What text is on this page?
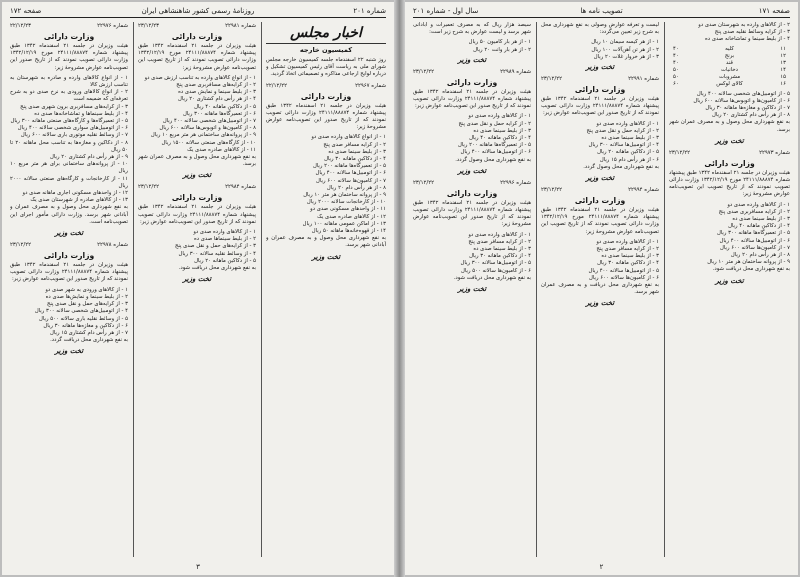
شماره ۲۰۱
روزنامهٔ رسمی کشور شاهنشاهی ایران
صفحه ۱۷۲
شماره ۲۲۹۷۶
۲۲/۱۲/۲۳
وزارت دارائی
هیئت وزیران در جلسه ۲۱ اسفندماه ۱۳۴۲ طبق پیشنهاد شماره ۲۴۱۱۱/۸۸۸۷۴ مورخ ۱۳۴۲/۱۲/۱۹ وزارت دارائی تصویب نمودند که از تاریخ صدور این تصویب‌نامه عوارض مشروحهٔ زیر:
۱ - از انواع کالاهای وارده و صادره به شهرستان به تناسب ارزش کالا
۲ - از انواع کالاهای ورودی به نرخ صدی دو به شرح تعرفه‌ای که ضمیمه است
۳ - از کرایه‌های مسافربری برون شهری صدی پنج
۴ - از بلیط سینماها و تماشاخانه‌ها صدی ده
۵ - از تعمیرگاه‌ها و کارگاه‌های صنعتی ماهانه ۳۰۰ ریال
۶ - از اتومبیل‌های سواری شخصی سالانه ۴۰۰ ریال
۷ - از وسائط نقلیه موتوری باری سالانه ۶۰۰ ریال
۸ - از دکاکین و مغازه‌ها به تناسب محل ماهانه ۲۰ تا ۵۰ ریال
۹ - از هر رأس دام کشتاری ۲۰ ریال
۱۰ - از پروانه‌های ساختمانی برای هر متر مربع ۱۰ ریال
۱۱ - از کارخانجات و کارگاه‌های صنعتی سالانه ۲۰۰۰ ریال
۱۲ - از واحدهای مسکونی اجاری ماهانه صدی دو
۱۳ - از کالاهای صادره از شهرستان صدی یک
به نفع شهرداری محل وصول و به مصرف عمران و آبادانی شهر برسد. وزارت دارائی مأمور اجرای این تصویب‌نامه است.
تخت وزیر
شماره ۲۲۹۷۸
۲۳/۱۲/۲۲
وزارت دارائی
هیئت وزیران در جلسه ۲۱ اسفندماه ۱۳۴۲ طبق پیشنهاد شماره ۲۴۱۱۱/۸۸۸۷۴ وزارت دارائی تصویب نمودند که از تاریخ صدور این تصویب‌نامه عوارض زیر:
۱ - از کالاهای ورودی به شهر صدی دو
۲ - از بلیط سینما و نمایش‌ها صدی ده
۳ - از کرایه‌های حمل و نقل صدی پنج
۴ - از اتومبیل‌های شخصی سالانه ۳۰۰ ریال
۵ - از وسائط نقلیه باری سالانه ۵۰۰ ریال
۶ - از دکاکین و مغازه‌ها ماهانه ۳۰ ریال
۷ - از هر رأس دام کشتاری ۱۵ ریال
به نفع شهرداری محل دریافت گردد.
تخت وزیر
شماره ۲۲۹۸۱
۲۳/۱۲/۲۳
وزارت دارائی
هیئت وزیران در جلسه ۲۱ اسفندماه ۱۳۴۲ طبق پیشنهاد شماره ۲۴۱۱۱/۸۸۸۷۴ مورخ ۱۳۴۲/۱۲/۱۹ وزارت دارائی تصویب نمودند که از تاریخ تصویب این تصویب‌نامه عوارض مشروحهٔ زیر:
۱ - از انواع کالاهای وارده به تناسب ارزش صدی دو
۲ - از کرایه‌های مسافربری صدی پنج
۳ - از بلیط سینما و نمایش صدی ده
۴ - از هر رأس دام کشتاری ۲۰ ریال
۵ - از دکاکین ماهانه ۴۰ ریال
۶ - از تعمیرگاه‌ها ماهانه ۳۰۰ ریال
۷ - از اتومبیل‌های شخصی سالانه ۴۰۰ ریال
۸ - از کامیون‌ها و اتوبوس‌ها سالانه ۶۰۰ ریال
۹ - از پروانه‌های ساختمانی هر متر مربع ۱۰ ریال
۱۰ - از کارگاه‌های صنعتی سالانه ۱۵۰۰ ریال
۱۱ - از کالاهای صادره صدی یک
به نفع شهرداری محل وصول و به مصرف عمران شهر برسد.
تخت وزیر
شماره ۲۲۹۸۴
۲۳/۱۲/۲۲
وزارت دارائی
هیئت وزیران در جلسه ۲۱ اسفندماه ۱۳۴۲ طبق پیشنهاد شماره ۲۴۱۱۱/۸۸۸۷۴ وزارت دارائی تصویب نمودند که از تاریخ صدور این تصویب‌نامه عوارض زیر:
۱ - از کالاهای وارده صدی دو
۲ - از بلیط سینماها صدی ده
۳ - از کرایه‌های حمل و نقل صدی پنج
۴ - از وسائط نقلیه سالانه ۳۰۰ ریال
۵ - از دکاکین ماهانه ۲۰ ریال
به نفع شهرداری محل دریافت شود.
تخت وزیر
اخبار مجلس
کمیسیون خارجه
روز شنبه ۲۲ اسفندماه جلسه کمیسیون خارجه مجلس شورای ملی به ریاست آقای رئیس کمیسیون تشکیل و درباره لوایح ارجاعی مذاکره و تصمیماتی اتخاذ گردید.
شماره ۲۲۹۶۷
۲۲/۱۲/۲۲
وزارت دارائی
هیئت وزیران در جلسه ۲۱ اسفندماه ۱۳۴۲ طبق پیشنهاد شماره ۲۴۱۱۱/۸۸۸۷۴ وزارت دارائی تصویب نمودند که از تاریخ صدور این تصویب‌نامه عوارض مشروحهٔ زیر:
۱ - از انواع کالاهای وارده صدی دو
۲ - از کرایه مسافر صدی پنج
۳ - از بلیط سینما صدی ده
۴ - از دکاکین ماهانه ۳۰ ریال
۵ - از تعمیرگاه‌ها ماهانه ۲۰۰ ریال
۶ - از اتومبیل‌ها سالانه ۴۰۰ ریال
۷ - از کامیون‌ها سالانه ۶۰۰ ریال
۸ - از هر رأس دام ۲۰ ریال
۹ - از پروانه ساختمان هر متر ۱۰ ریال
۱۰ - از کارخانجات سالانه ۲۰۰۰ ریال
۱۱ - از واحدهای مسکونی صدی دو
۱۲ - از کالاهای صادره صدی یک
۱۳ - از اماکن عمومی ماهانه ۱۰۰ ریال
۱۴ - از قهوه‌خانه‌ها ماهانه ۵۰ ریال
به نفع شهرداری محل وصول و به مصرف عمران و آبادانی شهر برسد.
تخت وزیر
۳
صفحه ۱۷۱
تصویب نامه ها
سال اول - شماره ۲۰۱
سیصد هزار ریال که به مصرف تعمیرات و آبادانی شهر برسد و لیست عوارض به شرح زیر است:
۱ - از هر بار کامیون ۵۰ ریال
۲ - از هر بار وانت ۲۰ ریال
تخت وزیر
شماره ۲۲۹۸۹
۲۳/۱۲/۲۲
وزارت دارائی
هیئت وزیران در جلسه ۲۱ اسفندماه ۱۳۴۲ طبق پیشنهاد شماره ۲۴۱۱۱/۸۸۸۷۴ وزارت دارائی تصویب نمودند که از تاریخ صدور این تصویب‌نامه عوارض زیر:
۱ - از کالاهای وارده صدی دو
۲ - از کرایه حمل و نقل صدی پنج
۳ - از بلیط سینما صدی ده
۴ - از دکاکین ماهانه ۴۰ ریال
۵ - از تعمیرگاه‌ها ماهانه ۲۰۰ ریال
۶ - از اتومبیل‌ها سالانه ۴۰۰ ریال
به نفع شهرداری محل وصول گردد.
تخت وزیر
شماره ۲۲۹۹۶
۲۳/۱۲/۲۲
وزارت دارائی
هیئت وزیران در جلسه ۲۱ اسفندماه ۱۳۴۲ طبق پیشنهاد شماره ۲۴۱۱۱/۸۸۸۷۴ وزارت دارائی تصویب نمودند که از تاریخ صدور این تصویب‌نامه عوارض مشروحهٔ زیر:
۱ - از کالاهای وارده صدی دو
۲ - از کرایه مسافر صدی پنج
۳ - از بلیط سینما صدی ده
۴ - از دکاکین ماهانه ۳۰ ریال
۵ - از اتومبیل‌ها سالانه ۳۰۰ ریال
۶ - از کامیون‌ها سالانه ۵۰۰ ریال
به نفع شهرداری محل دریافت شود.
تخت وزیر
لیست و تعرفه عوارض وصولی به نفع شهرداری محل به شرح زیر تعیین می‌گردد:
۱ - از هر کیسه سیمان ۱۰ ریال
۲ - از هر تن آهن‌آلات ۱۰۰ ریال
۳ - از هر خروار غلات ۲۰ ریال
تخت وزیر
شماره ۲۲۹۹۱
۲۳/۱۲/۲۲
وزارت دارائی
هیئت وزیران در جلسه ۲۱ اسفندماه ۱۳۴۲ طبق پیشنهاد شماره ۲۴۱۱۱/۸۸۸۷۴ وزارت دارائی تصویب نمودند که از تاریخ صدور این تصویب‌نامه عوارض زیر:
۱ - از کالاهای وارده صدی دو
۲ - از کرایه حمل و نقل صدی پنج
۳ - از بلیط سینما صدی ده
۴ - از اتومبیل‌ها سالانه ۳۰۰ ریال
۵ - از دکاکین ماهانه ۲۰ ریال
۶ - از هر رأس دام ۱۵ ریال
به نفع شهرداری محل وصول گردد.
تخت وزیر
شماره ۲۲۹۹۴
۲۳/۱۲/۲۲
وزارت دارائی
هیئت وزیران در جلسه ۲۱ اسفندماه ۱۳۴۲ طبق پیشنهاد شماره ۲۴۱۱۱/۸۸۸۷۴ مورخ ۱۳۴۲/۱۲/۱۹ وزارت دارائی تصویب نمودند که از تاریخ تصویب این تصویب‌نامه عوارض مشروحهٔ زیر:
۱ - از کالاهای وارده صدی دو
۲ - از کرایه مسافر صدی پنج
۳ - از بلیط سینما صدی ده
۴ - از دکاکین ماهانه ۳۰ ریال
۵ - از اتومبیل‌ها سالانه ۴۰۰ ریال
۶ - از کامیون‌ها سالانه ۶۰۰ ریال
به نفع شهرداری محل دریافت و به مصرف عمران شهر برسد.
تخت وزیر
۲ - از کالاهای وارده به شهرستان صدی دو
۳ - از کرایه وسائط نقلیه صدی پنج
۴ - از بلیط سینما و تماشاخانه صدی ده
۱۱
کلیه
۴۰
۱۲
برنج
۴۰
۱۳
قند
۴۰
۱۴
دخانیات
۵۰
۱۵
مشروبات
۵۰
۱۶
کالای لوکس
۶۰
۵ - از اتومبیل‌های شخصی سالانه ۴۰۰ ریال
۶ - از کامیون‌ها و اتوبوس‌ها سالانه ۶۰۰ ریال
۷ - از دکاکین و مغازه‌ها ماهانه ۳۰ ریال
۸ - از هر رأس دام کشتاری ۲۰ ریال
به نفع شهرداری محل وصول و به مصرف عمران شهر برسد.
تخت وزیر
شماره ۲۲۹۷۳
۲۳/۱۲/۲۲
وزارت دارائی
هیئت وزیران در جلسه ۲۱ اسفندماه ۱۳۴۲ طبق پیشنهاد شماره ۲۴۱۱۱/۸۸۸۷۴ مورخ ۱۳۴۲/۱۲/۱۹ وزارت دارائی تصویب نمودند که از تاریخ تصویب این تصویب‌نامه عوارض مشروحهٔ زیر:
۱ - از کالاهای وارده صدی دو
۲ - از کرایه مسافربری صدی پنج
۳ - از بلیط سینما صدی ده
۴ - از دکاکین ماهانه ۴۰ ریال
۵ - از تعمیرگاه‌ها ماهانه ۳۰۰ ریال
۶ - از اتومبیل‌ها سالانه ۴۰۰ ریال
۷ - از کامیون‌ها سالانه ۶۰۰ ریال
۸ - از هر رأس دام ۲۰ ریال
۹ - از پروانه ساختمان هر متر ۱۰ ریال
به نفع شهرداری محل دریافت شود.
تخت وزیر
۲
